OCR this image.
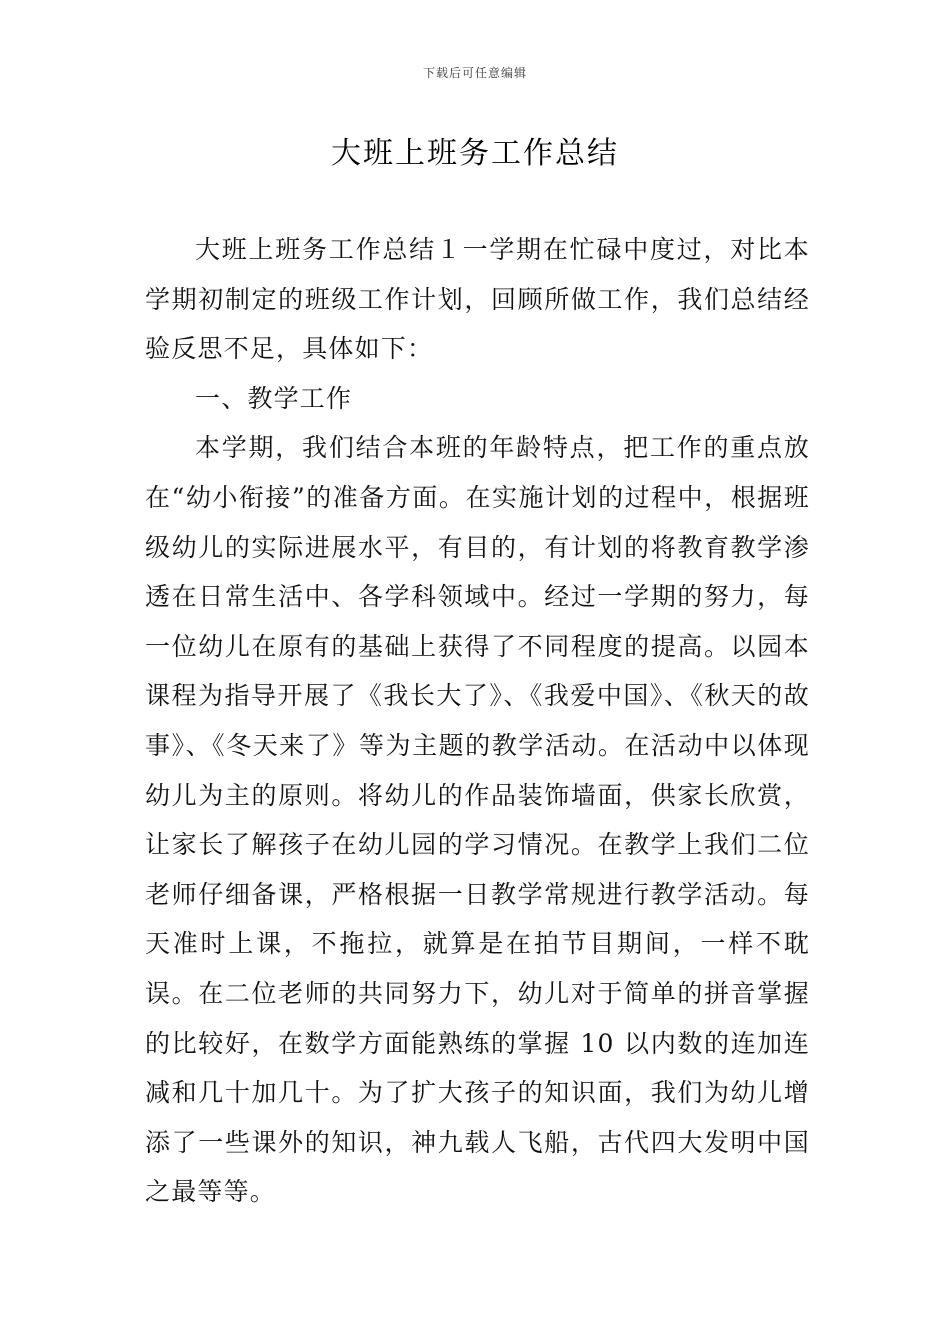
下载后可任意编辑
大班上班务工作总结

大班上班务工作总结１一学期在忙碌中度过，对比本学期初制定的班级工作计划，回顾所做工作，我们总结经验反思不足，具体如下：

一、教学工作

本学期，我们结合本班的年龄特点，把工作的重点放在“幼小衔接”的准备方面。在实施计划的过程中，根据班级幼儿的实际进展水平，有目的，有计划的将教育教学渗透在日常生活中、各学科领域中。经过一学期的努力，每一位幼儿在原有的基础上获得了不同程度的提高。以园本课程为指导开展了《我长大了》、《我爱中国》、《秋天的故事》、《冬天来了》等为主题的教学活动。在活动中以体现幼儿为主的原则。将幼儿的作品装饰墙面，供家长欣赏，让家长了解孩子在幼儿园的学习情况。在教学上我们二位老师仔细备课，严格根据一日教学常规进行教学活动。每天准时上课，不拖拉，就算是在拍节目期间，一样不耽误。在二位老师的共同努力下，幼儿对于简单的拼音掌握的比较好，在数学方面能熟练的掌握 10 以内数的连加连减和几十加几十。为了扩大孩子的知识面，我们为幼儿增添了一些课外的知识，神九载人飞船，古代四大发明中国之最等等。
